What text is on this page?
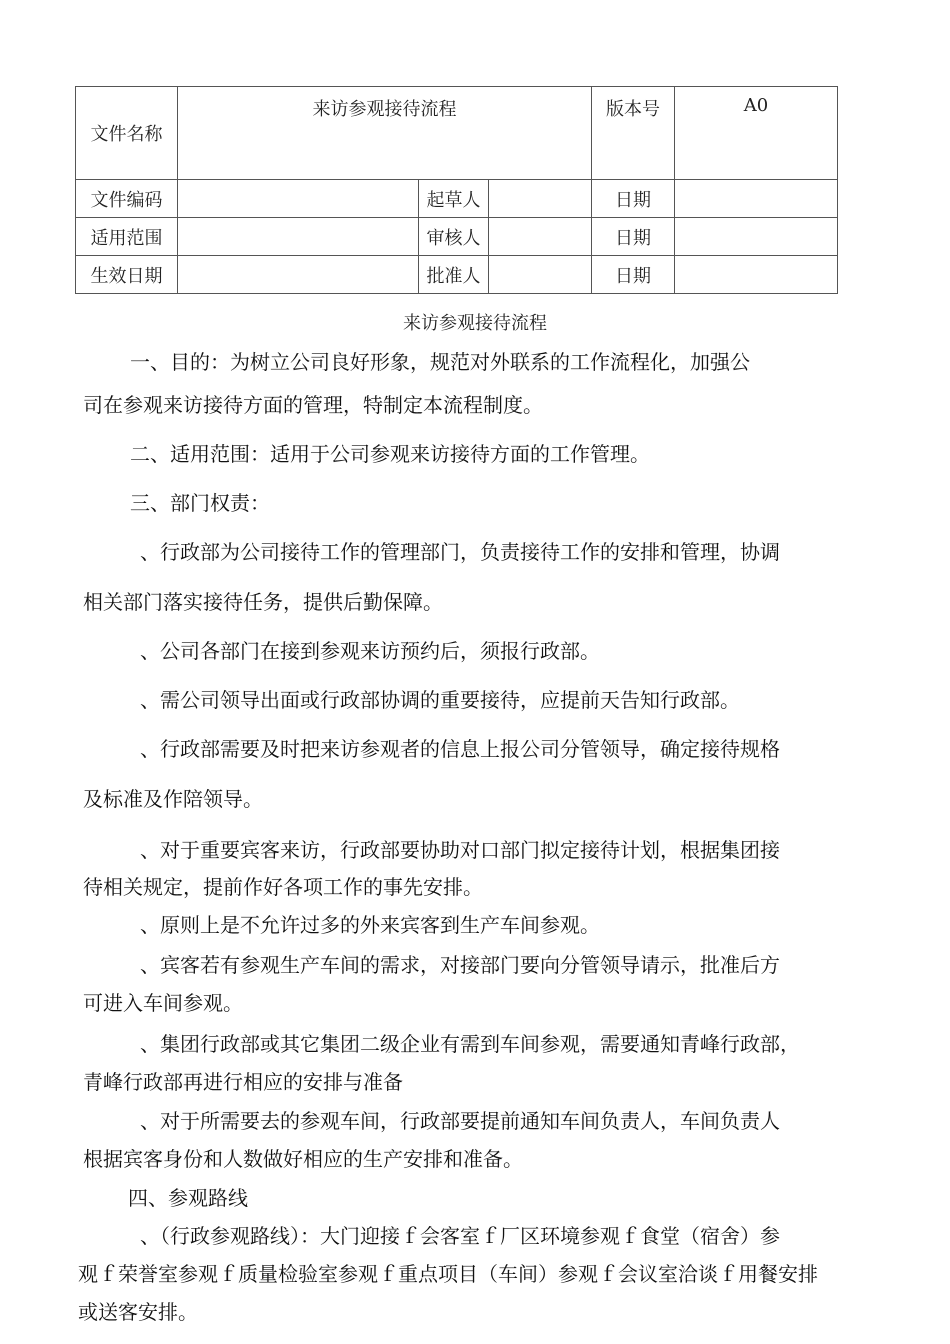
文件名称	来访参观接待流程			版本号	A0
文件编码		起草人		日期	
适用范围		审核人		日期	
生效日期		批准人		日期	
来访参观接待流程
一、目的：为树立公司良好形象，规范对外联系的工作流程化，加强公
司在参观来访接待方面的管理，特制定本流程制度。
二、适用范围：适用于公司参观来访接待方面的工作管理。
三、部门权责：
、行政部为公司接待工作的管理部门，负责接待工作的安排和管理，协调
相关部门落实接待任务，提供后勤保障。
、公司各部门在接到参观来访预约后，须报行政部。
、需公司领导出面或行政部协调的重要接待，应提前天告知行政部。
、行政部需要及时把来访参观者的信息上报公司分管领导，确定接待规格
及标准及作陪领导。
、对于重要宾客来访，行政部要协助对口部门拟定接待计划，根据集团接
待相关规定，提前作好各项工作的事先安排。
、原则上是不允许过多的外来宾客到生产车间参观。
、宾客若有参观生产车间的需求，对接部门要向分管领导请示，批准后方
可进入车间参观。
、集团行政部或其它集团二级企业有需到车间参观，需要通知青峰行政部，
青峰行政部再进行相应的安排与准备
、对于所需要去的参观车间，行政部要提前通知车间负责人，车间负责人
根据宾客身份和人数做好相应的生产安排和准备。
四、参观路线
、（行政参观路线）：大门迎接ｆ会客室ｆ厂区环境参观ｆ食堂（宿舍）参
观ｆ荣誉室参观ｆ质量检验室参观ｆ重点项目（车间）参观ｆ会议室洽谈ｆ用餐安排
或送客安排。
